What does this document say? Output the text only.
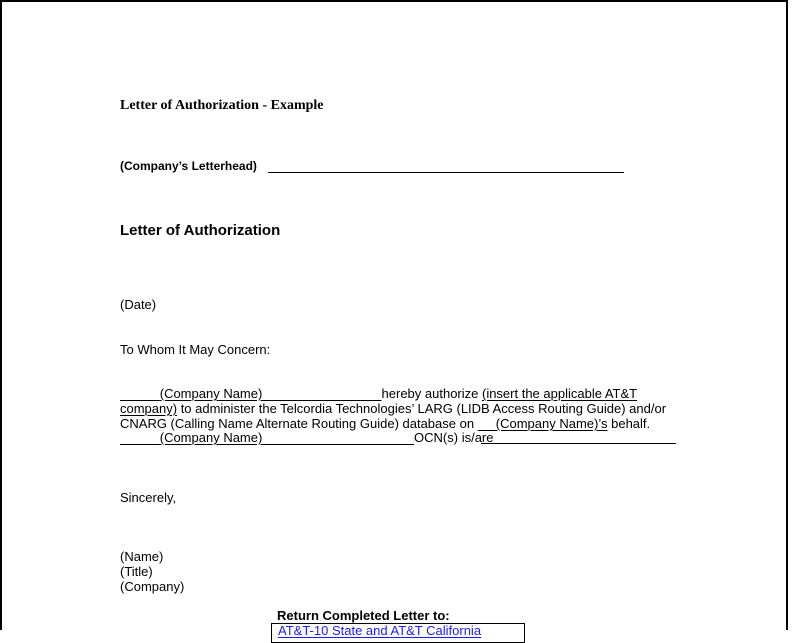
Letter of Authorization - Example
(Company’s Letterhead)
Letter of Authorization
(Date)
To Whom It May Concern:
(Company Name)	hereby authorize (insert the applicable AT&T
company) to administer the Telcordia Technologies’ LARG (LIDB Access Routing Guide) and/or
CNARG (Calling Name Alternate Routing Guide) database on      (Company Name)’s behalf.
(Company Name)	OCN(s) is/are
Sincerely,
(Name)
(Title)
(Company)
Return Completed Letter to:
AT&T-10 State and AT&T California
